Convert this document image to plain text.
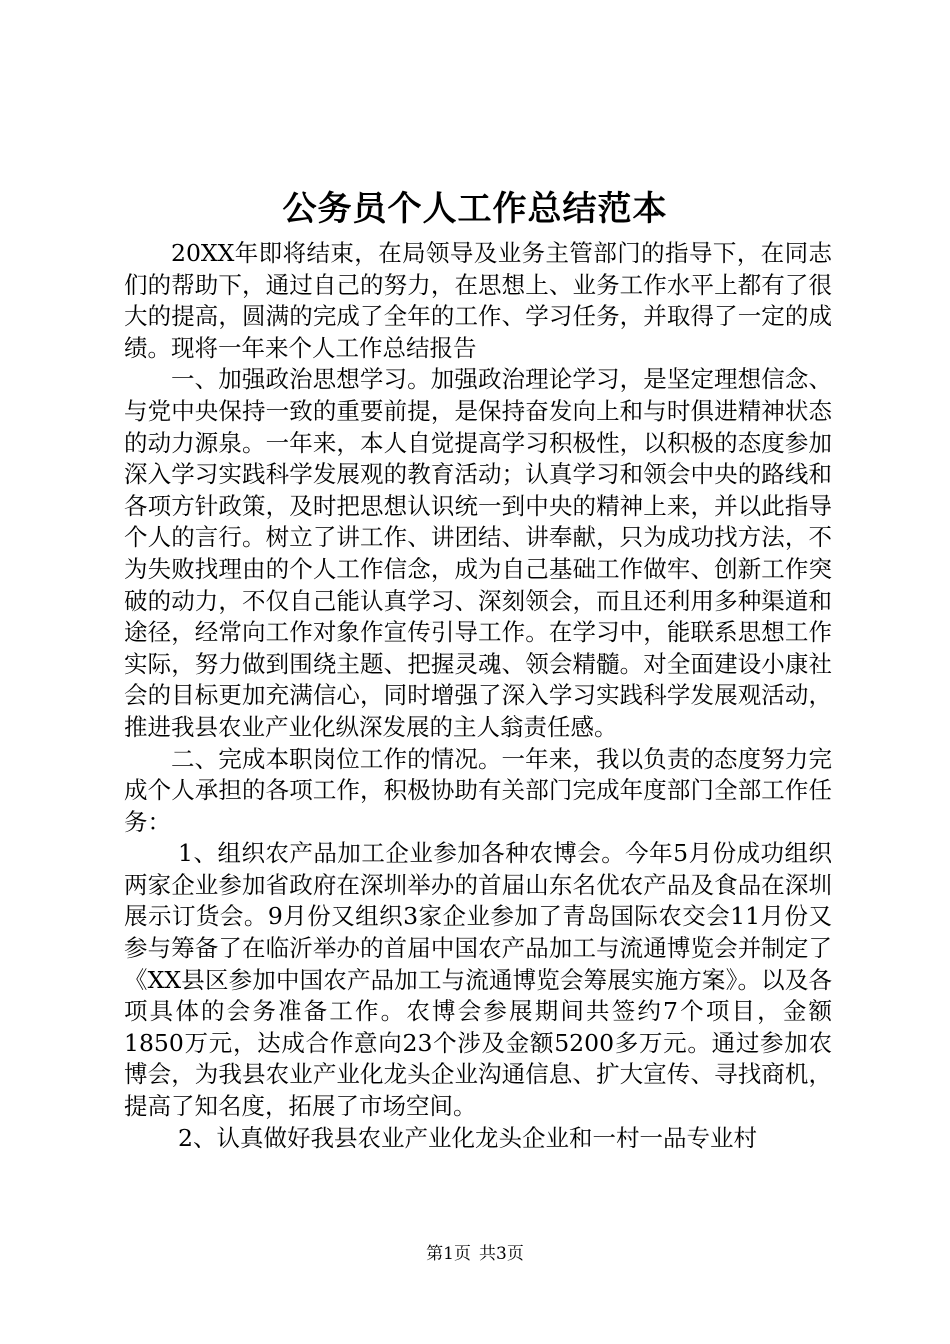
公务员个人工作总结范本

20XX年即将结束，在局领导及业务主管部门的指导下，在同志们的帮助下，通过自己的努力，在思想上、业务工作水平上都有了很大的提高，圆满的完成了全年的工作、学习任务，并取得了一定的成绩。现将一年来个人工作总结报告

一、加强政治思想学习。加强政治理论学习，是坚定理想信念、与党中央保持一致的重要前提，是保持奋发向上和与时俱进精神状态的动力源泉。一年来，本人自觉提高学习积极性，以积极的态度参加深入学习实践科学发展观的教育活动；认真学习和领会中央的路线和各项方针政策，及时把思想认识统一到中央的精神上来，并以此指导个人的言行。树立了讲工作、讲团结、讲奉献，只为成功找方法，不为失败找理由的个人工作信念，成为自己基础工作做牢、创新工作突破的动力，不仅自己能认真学习、深刻领会，而且还利用多种渠道和途径，经常向工作对象作宣传引导工作。在学习中，能联系思想工作实际，努力做到围绕主题、把握灵魂、领会精髓。对全面建设小康社会的目标更加充满信心，同时增强了深入学习实践科学发展观活动，推进我县农业产业化纵深发展的主人翁责任感。

二、完成本职岗位工作的情况。一年来，我以负责的态度努力完成个人承担的各项工作，积极协助有关部门完成年度部门全部工作任务：

1、组织农产品加工企业参加各种农博会。今年5月份成功组织两家企业参加省政府在深圳举办的首届山东名优农产品及食品在深圳展示订货会。9月份又组织3家企业参加了青岛国际农交会11月份又参与筹备了在临沂举办的首届中国农产品加工与流通博览会并制定了《XX县区参加中国农产品加工与流通博览会筹展实施方案》。以及各项具体的会务准备工作。农博会参展期间共签约7个项目，金额1850万元，达成合作意向23个涉及金额5200多万元。通过参加农博会，为我县农业产业化龙头企业沟通信息、扩大宣传、寻找商机，提高了知名度，拓展了市场空间。

2、认真做好我县农业产业化龙头企业和一村一品专业村

第1页 共3页
